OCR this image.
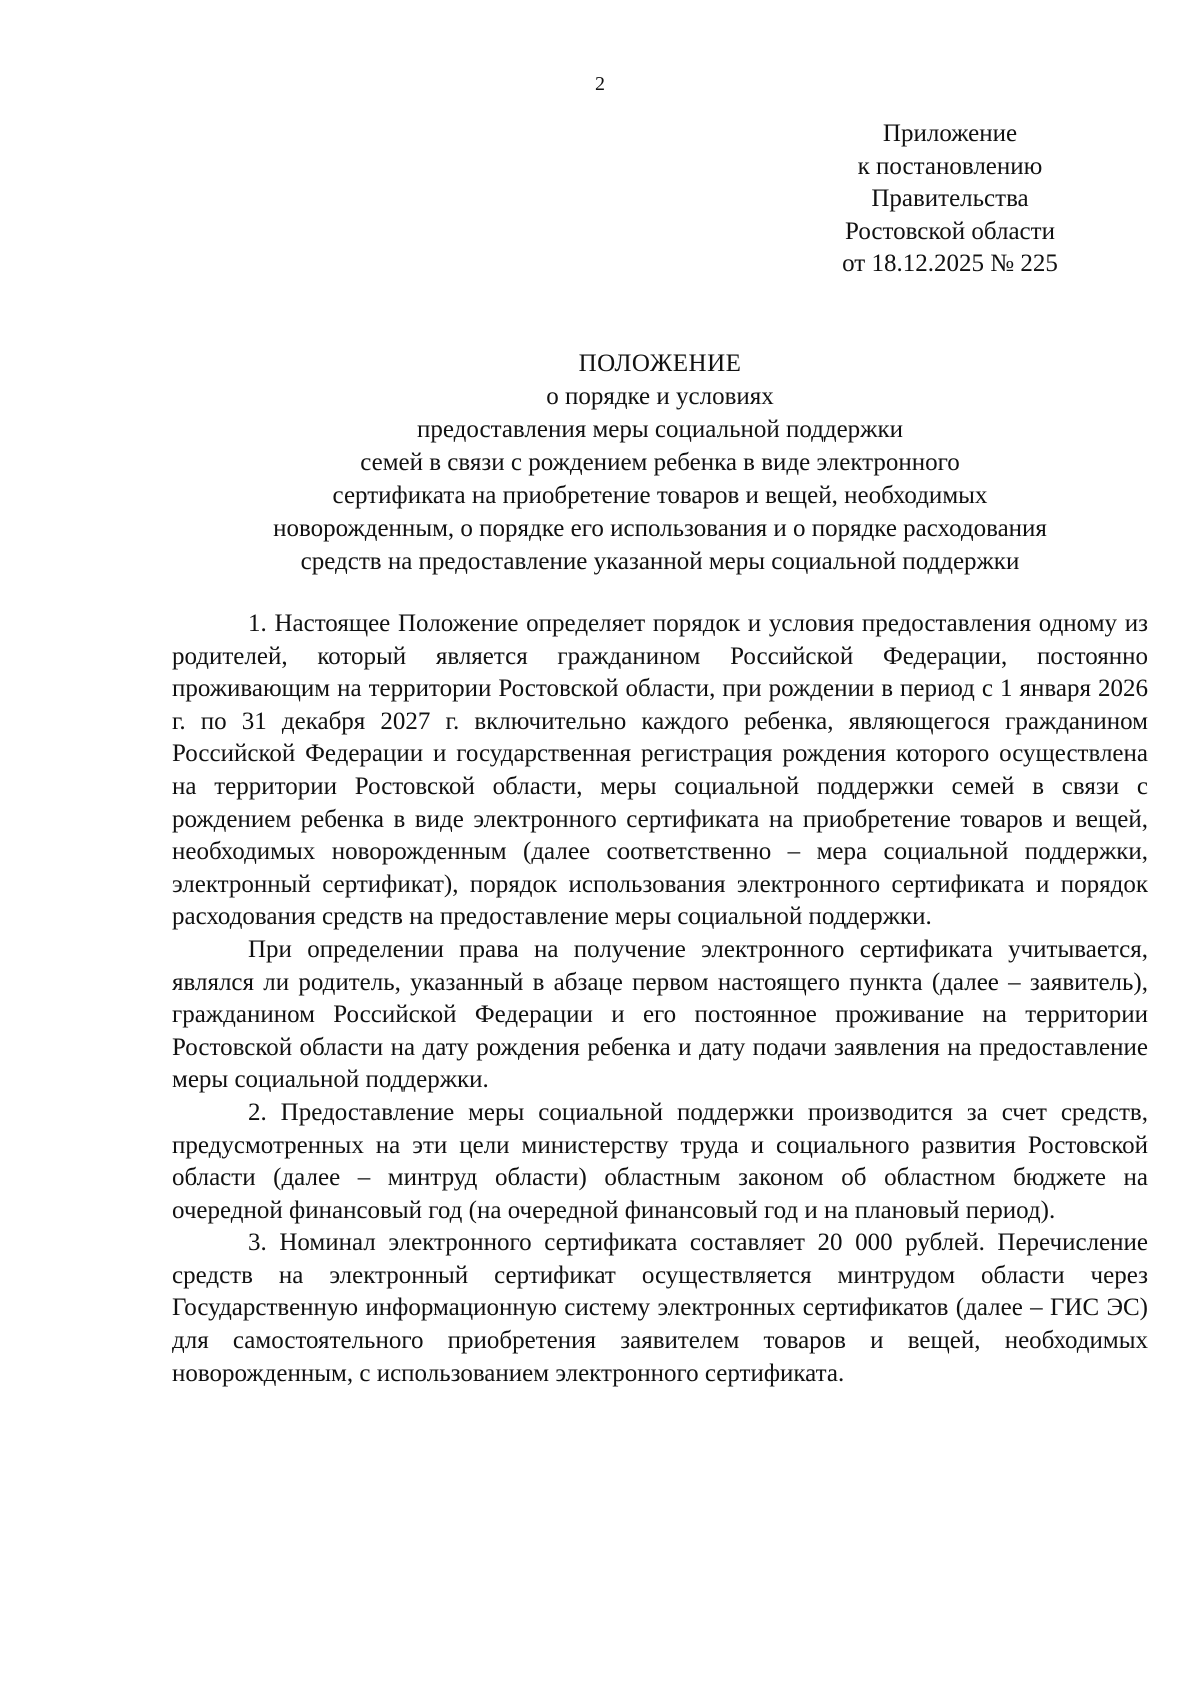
2
Приложение
к постановлению
Правительства
Ростовской области
от 18.12.2025 № 225
ПОЛОЖЕНИЕ
о порядке и условиях
предоставления меры социальной поддержки
семей в связи с рождением ребенка в виде электронного
сертификата на приобретение товаров и вещей, необходимых
новорожденным, о порядке его использования и о порядке расходования
средств на предоставление указанной меры социальной поддержки

1. Настоящее Положение определяет порядок и условия предоставления одному из родителей, который является гражданином Российской Федерации, постоянно проживающим на территории Ростовской области, при рождении в период с 1 января 2026 г. по 31 декабря 2027 г. включительно каждого ребенка, являющегося гражданином Российской Федерации и государственная регистрация рождения которого осуществлена на территории Ростовской области, меры социальной поддержки семей в связи с рождением ребенка в виде электронного сертификата на приобретение товаров и вещей, необходимых новорожденным (далее соответственно – мера социальной поддержки, электронный сертификат), порядок использования электронного сертификата и порядок расходования средств на предоставление меры социальной поддержки.

При определении права на получение электронного сертификата учитывается, являлся ли родитель, указанный в абзаце первом настоящего пункта (далее – заявитель), гражданином Российской Федерации и его постоянное проживание на территории Ростовской области на дату рождения ребенка и дату подачи заявления на предоставление меры социальной поддержки.

2. Предоставление меры социальной поддержки производится за счет средств, предусмотренных на эти цели министерству труда и социального развития Ростовской области (далее – минтруд области) областным законом об областном бюджете на очередной финансовый год (на очередной финансовый год и на плановый период).

3. Номинал электронного сертификата составляет 20 000 рублей. Перечисление средств на электронный сертификат осуществляется минтрудом области через Государственную информационную систему электронных сертификатов (далее – ГИС ЭС) для самостоятельного приобретения заявителем товаров и вещей, необходимых новорожденным, с использованием электронного сертификата.
